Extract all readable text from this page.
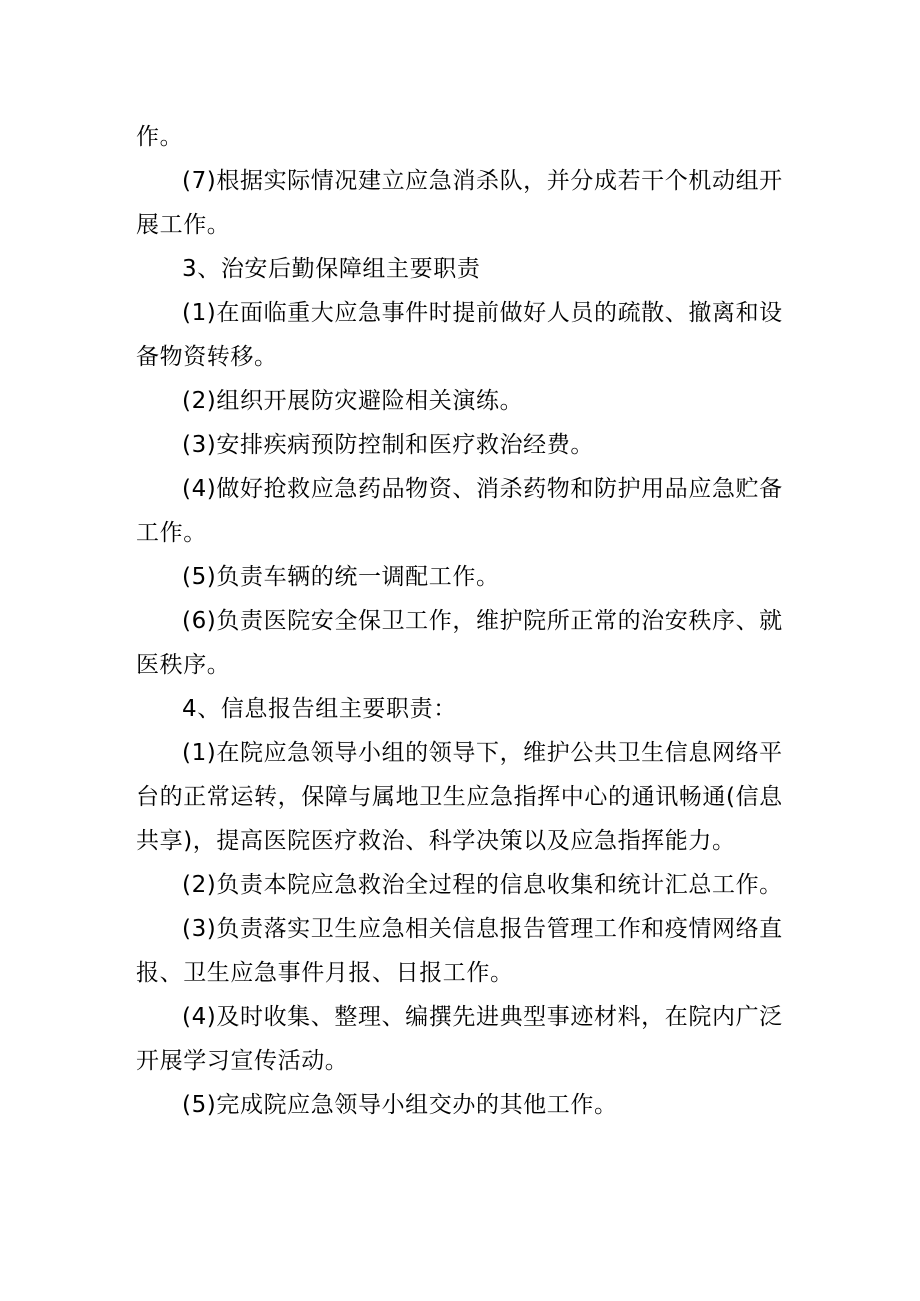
作。

(7)根据实际情况建立应急消杀队，并分成若干个机动组开展工作。

3、治安后勤保障组主要职责

(1)在面临重大应急事件时提前做好人员的疏散、撤离和设备物资转移。

(2)组织开展防灾避险相关演练。

(3)安排疾病预防控制和医疗救治经费。

(4)做好抢救应急药品物资、消杀药物和防护用品应急贮备工作。

(5)负责车辆的统一调配工作。

(6)负责医院安全保卫工作，维护院所正常的治安秩序、就医秩序。

4、信息报告组主要职责：

(1)在院应急领导小组的领导下，维护公共卫生信息网络平台的正常运转，保障与属地卫生应急指挥中心的通讯畅通(信息共享)，提高医院医疗救治、科学决策以及应急指挥能力。

(2)负责本院应急救治全过程的信息收集和统计汇总工作。

(3)负责落实卫生应急相关信息报告管理工作和疫情网络直报、卫生应急事件月报、日报工作。

(4)及时收集、整理、编撰先进典型事迹材料，在院内广泛开展学习宣传活动。

(5)完成院应急领导小组交办的其他工作。
